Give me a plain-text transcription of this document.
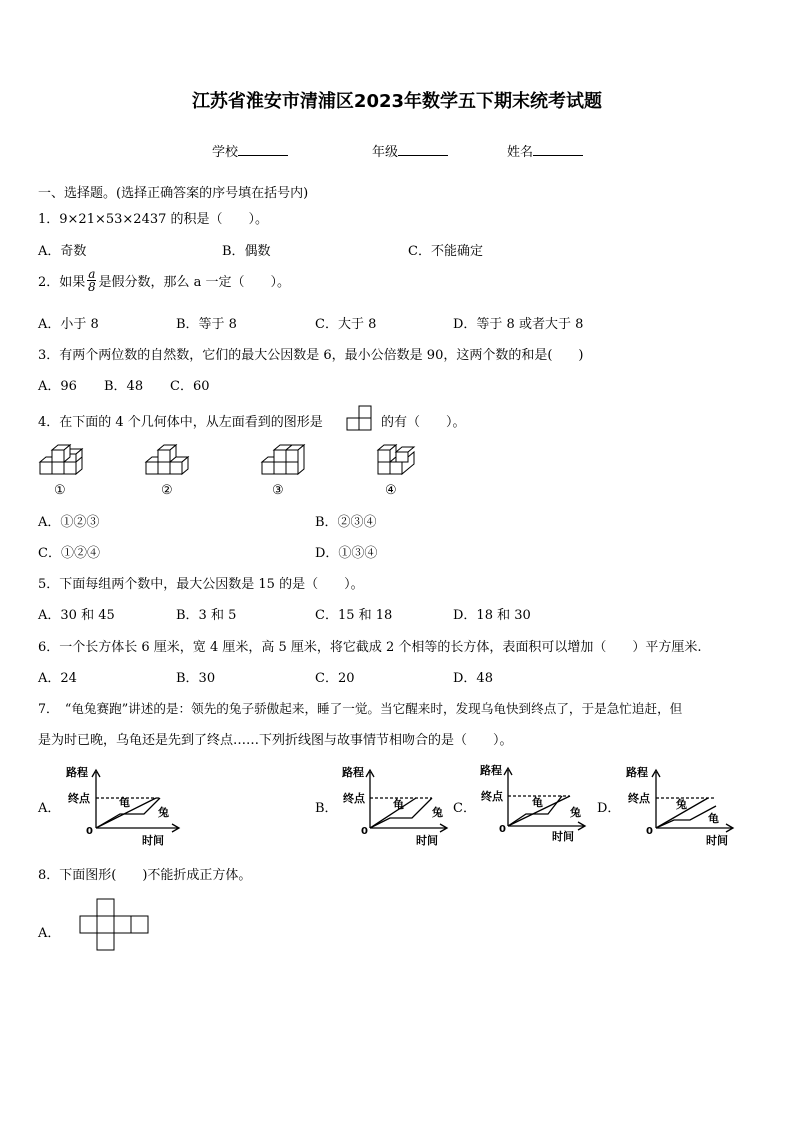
江苏省淮安市清浦区2023年数学五下期末统考试题
学校	年级	姓名
一、选择题。(选择正确答案的序号填在括号内)
1．9×21×53×2437 的积是（　　）。
A．奇数	B．偶数	C．不能确定
2．如果 $\frac{a}{8}$ 是假分数，那么 a 一定（　　）。
A．小于 8	B．等于 8	C．大于 8	D．等于 8 或者大于 8
3．有两个两位数的自然数，它们的最大公因数是 6，最小公倍数是 90，这两个数的和是(　　)
A．96 B．48 C．60
4．在下面的 4 个几何体中，从左面看到的图形是	的有（　　）。
①	②	③	④
A．①②③	B．②③④
C．①②④	D．①③④
5．下面每组两个数中，最大公因数是 15 的是（　　）。
A．30 和 45	B．3 和 5	C．15 和 18	D．18 和 30
6．一个长方体长 6 厘米，宽 4 厘米，高 5 厘米，将它截成 2 个相等的长方体，表面积可以增加（　　）平方厘米.
A．24	B．30	C．20	D．48
7．　“龟兔赛跑”讲述的是：领先的兔子骄傲起来，睡了一觉。当它醒来时，发现乌龟快到终点了，于是急忙追赶，但
是为时已晚，乌龟还是先到了终点……下列折线图与故事情节相吻合的是（　　）。
A．	B．	C．	D．
路程
终点
0
时间
龟
兔
路程
终点
0
时间
龟
兔
路程
终点
0
时间
龟
兔
路程
终点
0
时间
兔
龟
8．下面图形(　　)不能折成正方体。
A．
